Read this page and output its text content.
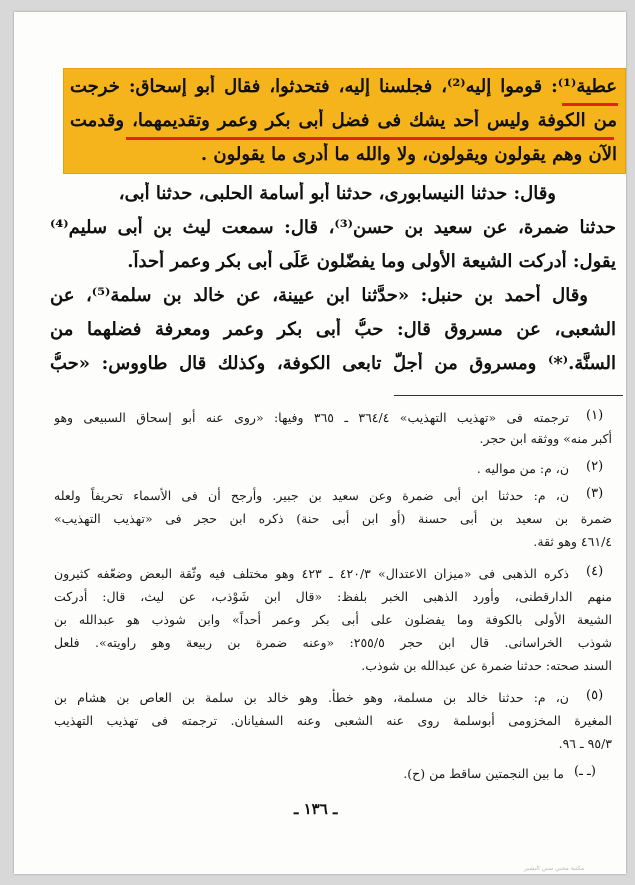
عطية⁽¹⁾: قوموا إليه⁽²⁾، فجلسنا إليه، فتحدثوا، فقال أبو إسحاق: خرجت
من الكوفة وليس أحد يشك فى فضل أبى بكر وعمر وتقديمهما، وقدمت
الآن وهم يقولون ويقولون، ولا والله ما أدرى ما يقولون .
وقال: حدثنا النيسابورى، حدثنا أبو أسامة الحلبى، حدثنا أبى،
حدثنا ضمرة، عن سعيد بن حسن⁽³⁾، قال: سمعت ليث بن أبى سليم⁽⁴⁾
يقول: أدركت الشيعة الأولى وما يفضّلون عَلَى أبى بكر وعمر أحداً.
وقال أحمد بن حنبل: «حدَّثنا ابن عيينة، عن خالد بن سلمة⁽⁵⁾، عن
الشعبى، عن مسروق قال: حبُّ أبى بكر وعمر ومعرفة فضلهما من
السنَّة.⁽*⁾ ومسروق من أجلّ تابعى الكوفة، وكذلك قال طاووس: «حبُّ
(١)
ترجمته فى «تهذيب التهذيب» ٣٦٤/٤ ـ ٣٦٥ وفيها: «روى عنه أبو إسحاق السبيعى وهو
أكبر منه» ووثقه ابن حجر.
(٢)
ن، م: من مواليه .
(٣)
ن، م: حدثنا ابن أبى ضمرة وعن سعيد بن جبير. وأرجح أن فى الأسماء تحريفاً ولعله
ضمرة بن سعيد بن أبى حسنة (أو ابن أبى حنة) ذكره ابن حجر فى «تهذيب التهذيب»
٤٦١/٤ وهو ثقة.
(٤)
ذكره الذهبى فى «ميزان الاعتدال» ٤٢٠/٣ ـ ٤٢٣ وهو مختلف فيه وثّقة البعض وضعّفه كثيرون
منهم الدارقطنى، وأورد الذهبى الخبر بلفظ: «قال ابن شَوْذب، عن ليث، قال: أدركت
الشيعة الأولى بالكوفة وما يفضلون على أبى بكر وعمر أحداً» وابن شوذب هو عبدالله بن
شوذب الخراسانى. قال ابن حجر ٢٥٥/٥: «وعنه ضمرة بن ربيعة وهو راويته». فلعل
السند صحته: حدثنا ضمرة عن عبدالله بن شوذب.
(٥)
ن، م: حدثنا خالد بن مسلمة، وهو خطأ. وهو خالد بن سلمة بن العاص بن هشام بن
المغيرة المخزومى أبوسلمة روى عنه الشعبى وعنه السفيانان. ترجمته فى تهذيب التهذيب
٩٥/٣ ـ ٩٦.
(ـ ـ)
ما بين النجمتين ساقط من (ح).
ـ ١٣٦ ـ
مكتبة محبي سنن البشير
